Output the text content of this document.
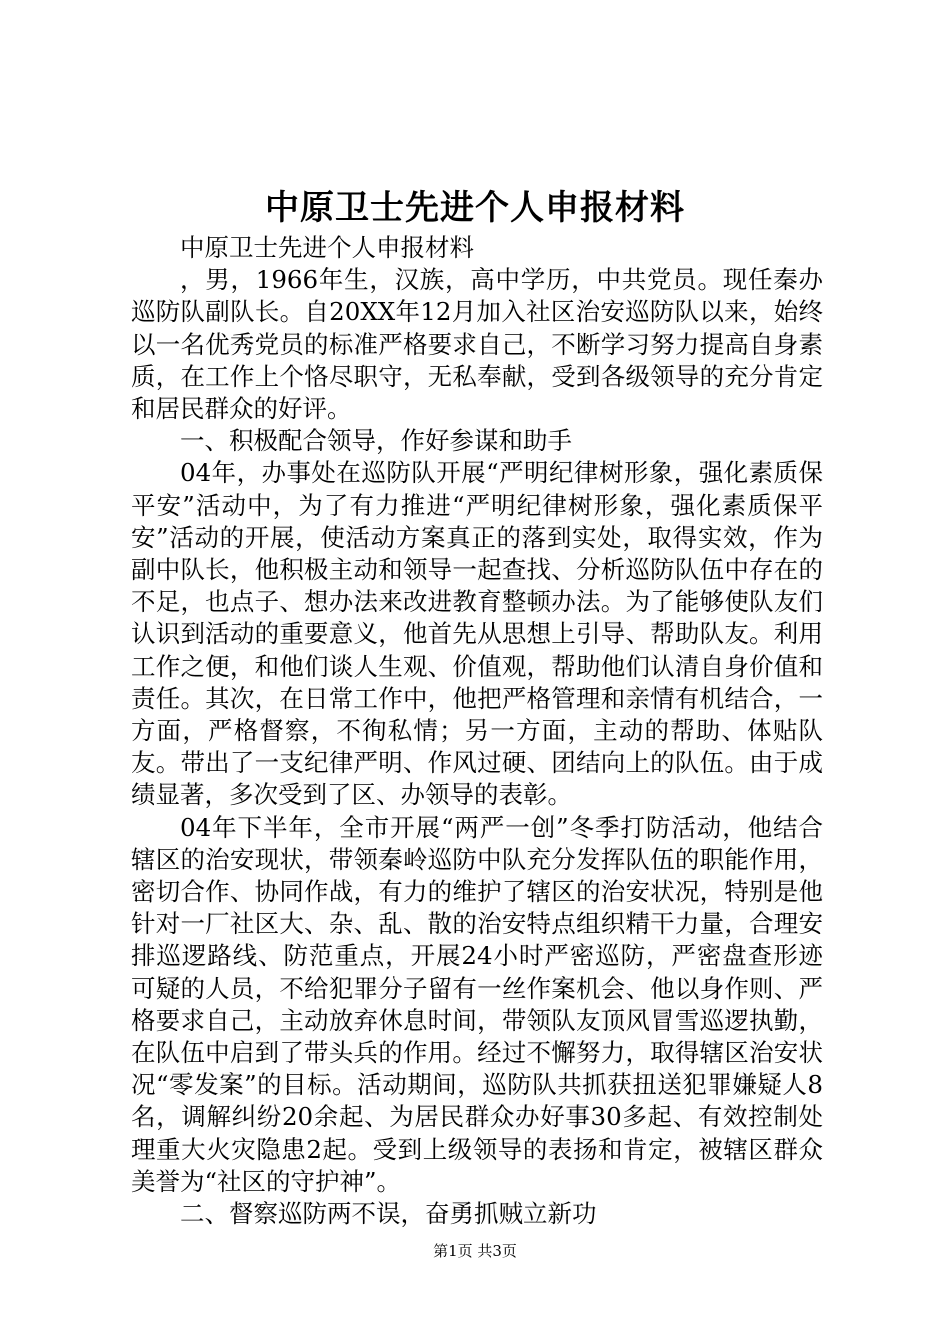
中原卫士先进个人申报材料

中原卫士先进个人申报材料

，男，1966年生，汉族，高中学历，中共党员。现任秦办巡防队副队长。自20XX年12月加入社区治安巡防队以来，始终以一名优秀党员的标准严格要求自己，不断学习努力提高自身素质，在工作上个恪尽职守，无私奉献，受到各级领导的充分肯定和居民群众的好评。

一、积极配合领导，作好参谋和助手

04年，办事处在巡防队开展“严明纪律树形象，强化素质保平安”活动中，为了有力推进“严明纪律树形象，强化素质保平安”活动的开展，使活动方案真正的落到实处，取得实效，作为副中队长，他积极主动和领导一起查找、分析巡防队伍中存在的不足，也点子、想办法来改进教育整顿办法。为了能够使队友们认识到活动的重要意义，他首先从思想上引导、帮助队友。利用工作之便，和他们谈人生观、价值观，帮助他们认清自身价值和责任。其次，在日常工作中，他把严格管理和亲情有机结合，一方面，严格督察，不徇私情；另一方面，主动的帮助、体贴队友。带出了一支纪律严明、作风过硬、团结向上的队伍。由于成绩显著，多次受到了区、办领导的表彰。

04年下半年，全市开展“两严一创”冬季打防活动，他结合辖区的治安现状，带领秦岭巡防中队充分发挥队伍的职能作用，密切合作、协同作战，有力的维护了辖区的治安状况，特别是他针对一厂社区大、杂、乱、散的治安特点组织精干力量，合理安排巡逻路线、防范重点，开展24小时严密巡防，严密盘查形迹可疑的人员，不给犯罪分子留有一丝作案机会、他以身作则、严格要求自己，主动放弃休息时间，带领队友顶风冒雪巡逻执勤，在队伍中启到了带头兵的作用。经过不懈努力，取得辖区治安状况“零发案”的目标。活动期间，巡防队共抓获扭送犯罪嫌疑人8名，调解纠纷20余起、为居民群众办好事30多起、有效控制处理重大火灾隐患2起。受到上级领导的表扬和肯定，被辖区群众美誉为“社区的守护神”。

二、督察巡防两不误，奋勇抓贼立新功

第1页 共3页
